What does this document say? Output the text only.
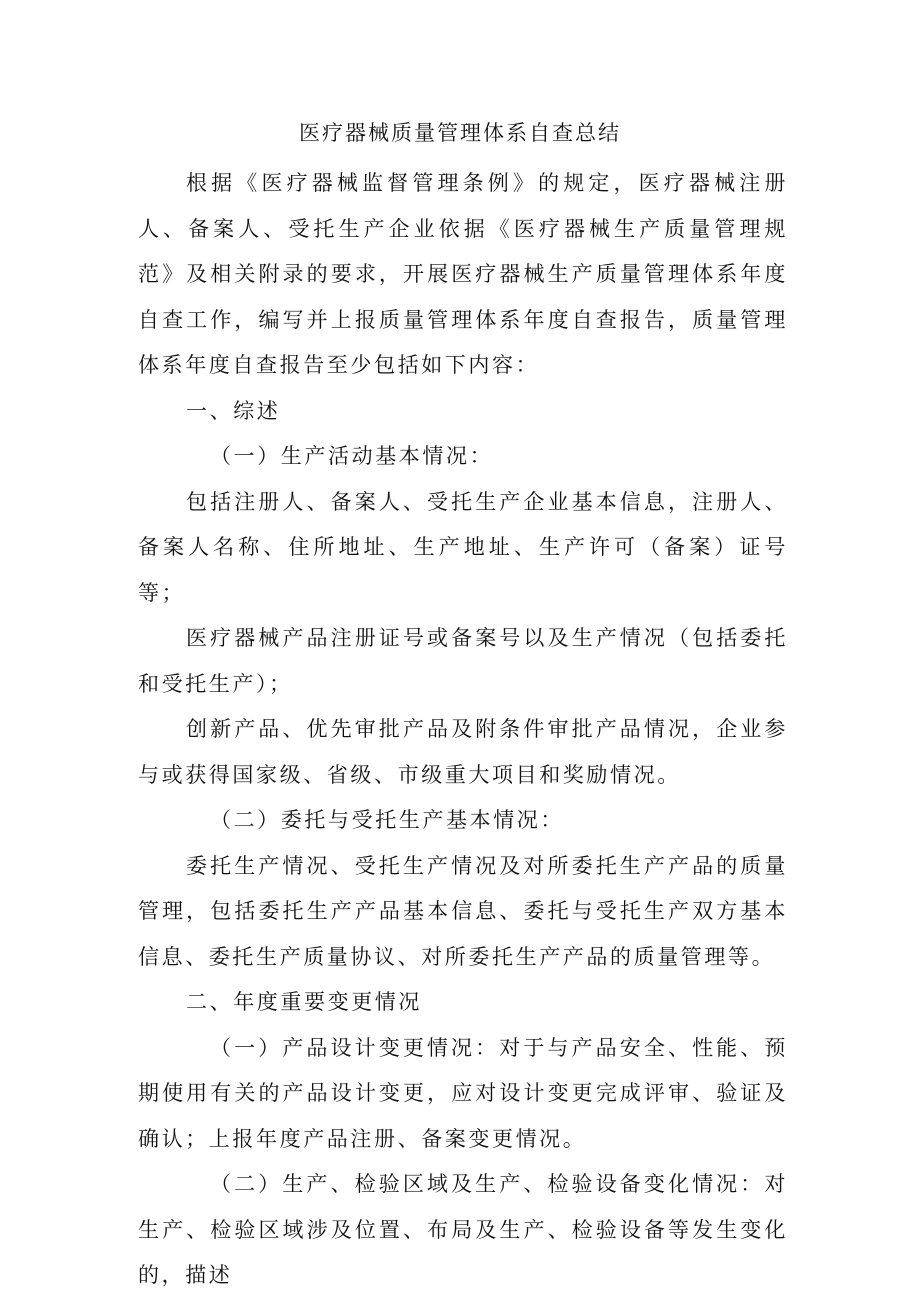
医疗器械质量管理体系自查总结

根据《医疗器械监督管理条例》的规定，医疗器械注册人、备案人、受托生产企业依据《医疗器械生产质量管理规范》及相关附录的要求，开展医疗器械生产质量管理体系年度自查工作，编写并上报质量管理体系年度自查报告，质量管理体系年度自查报告至少包括如下内容：

一、综述

（一）生产活动基本情况：

包括注册人、备案人、受托生产企业基本信息，注册人、备案人名称、住所地址、生产地址、生产许可（备案）证号等；

医疗器械产品注册证号或备案号以及生产情况（包括委托和受托生产）；

创新产品、优先审批产品及附条件审批产品情况，企业参与或获得国家级、省级、市级重大项目和奖励情况。

（二）委托与受托生产基本情况：

委托生产情况、受托生产情况及对所委托生产产品的质量管理，包括委托生产产品基本信息、委托与受托生产双方基本信息、委托生产质量协议、对所委托生产产品的质量管理等。

二、年度重要变更情况

（一）产品设计变更情况：对于与产品安全、性能、预期使用有关的产品设计变更，应对设计变更完成评审、验证及确认；上报年度产品注册、备案变更情况。

（二）生产、检验区域及生产、检验设备变化情况：对生产、检验区域涉及位置、布局及生产、检验设备等发生变化的，描述
